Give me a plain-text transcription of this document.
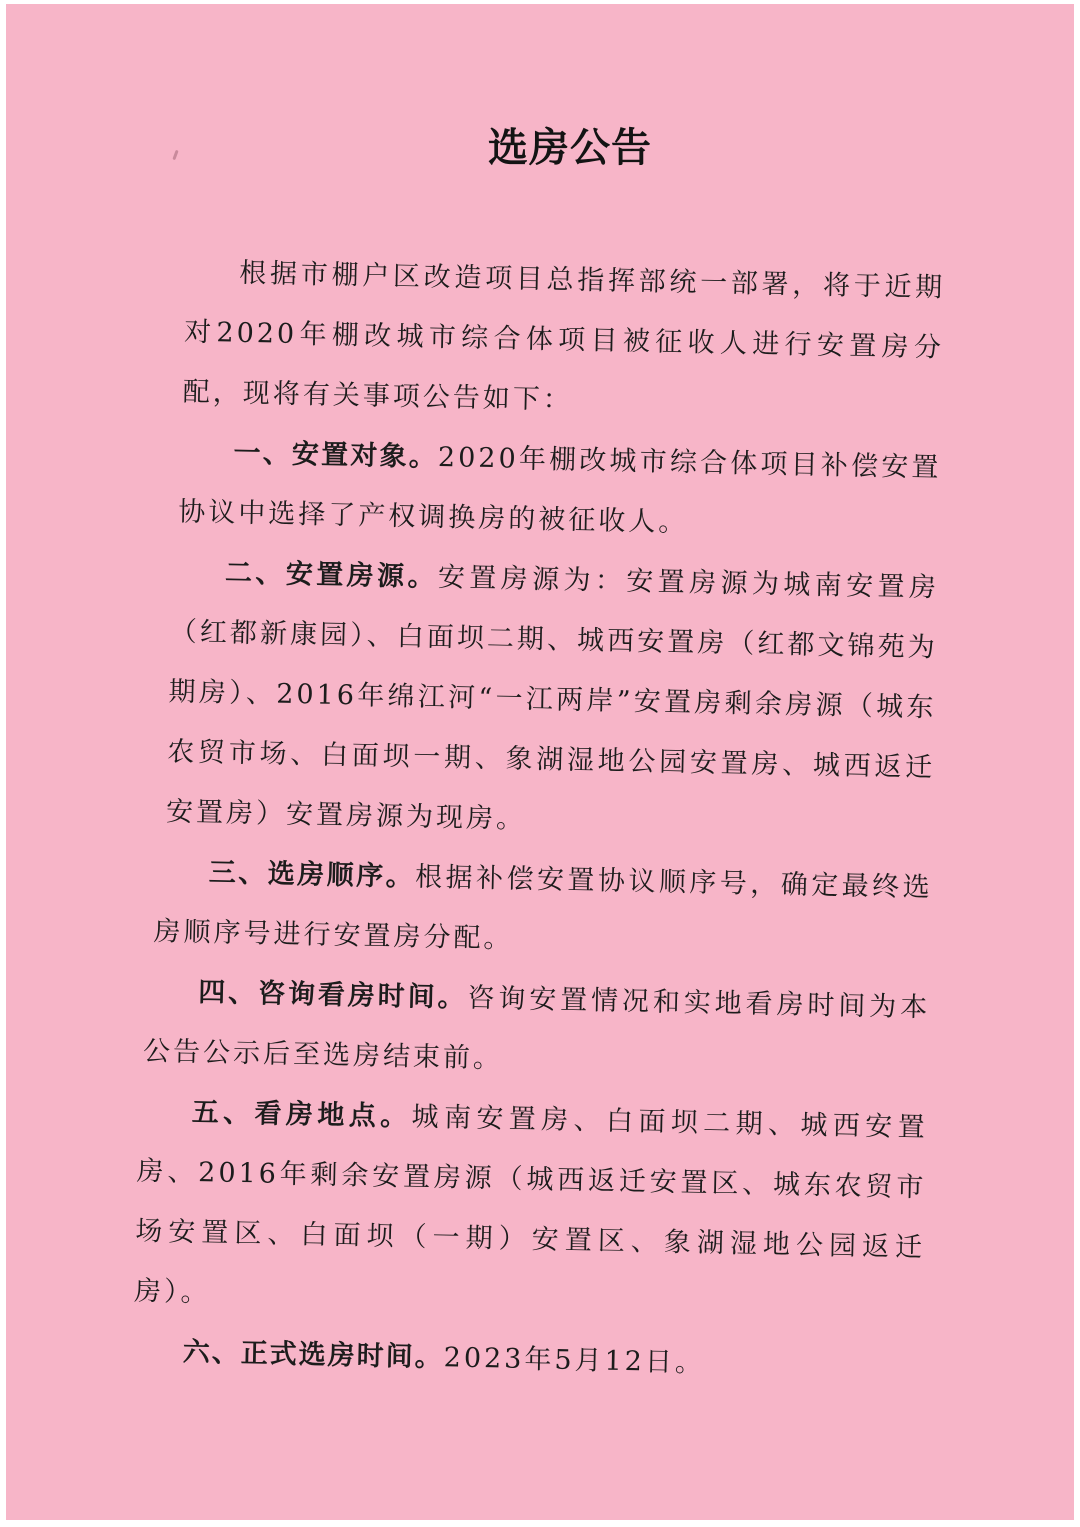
选房公告

根据市棚户区改造项目总指挥部统一部署，将于近期对2020年棚改城市综合体项目被征收人进行安置房分配，现将有关事项公告如下：

一、安置对象。2020年棚改城市综合体项目补偿安置协议中选择了产权调换房的被征收人。

二、安置房源。安置房源为：安置房源为城南安置房（红都新康园）、白面坝二期、城西安置房（红都文锦苑为期房）、2016年绵江河“一江两岸”安置房剩余房源（城东农贸市场、白面坝一期、象湖湿地公园安置房、城西返迁安置房）安置房源为现房。

三、选房顺序。根据补偿安置协议顺序号，确定最终选房顺序号进行安置房分配。

四、咨询看房时间。咨询安置情况和实地看房时间为本公告公示后至选房结束前。

五、看房地点。城南安置房、白面坝二期、城西安置房、2016年剩余安置房源（城西返迁安置区、城东农贸市场安置区、白面坝（一期）安置区、象湖湿地公园返迁房）。

六、正式选房时间。2023年5月12日。
